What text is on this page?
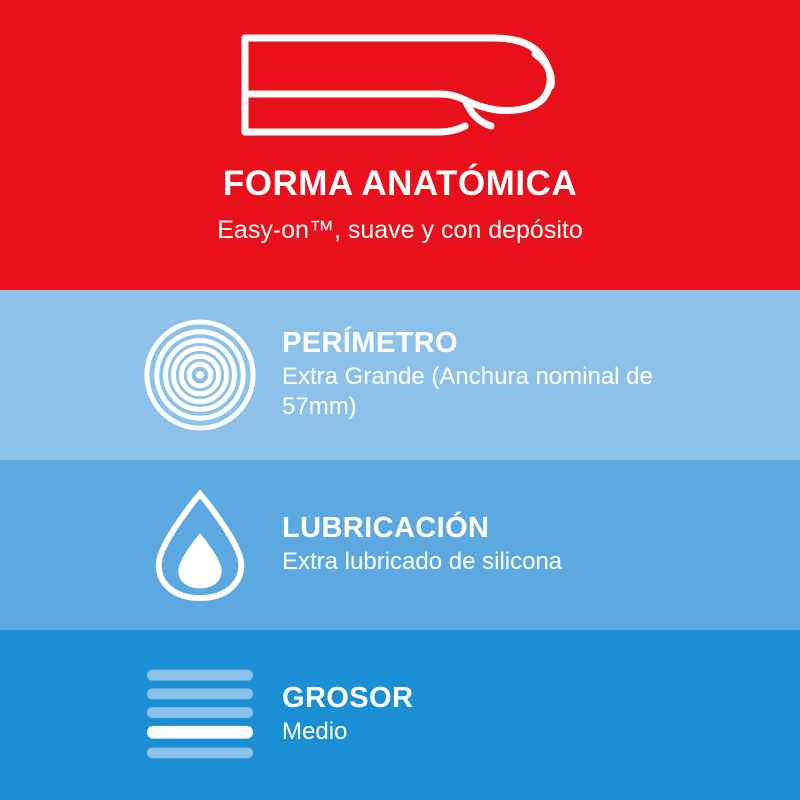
FORMA ANATÓMICA
Easy-on™, suave y con depósito
PERÍMETRO
Extra Grande (Anchura nominal de 57mm)
LUBRICACIÓN
Extra lubricado de silicona
GROSOR
Medio
